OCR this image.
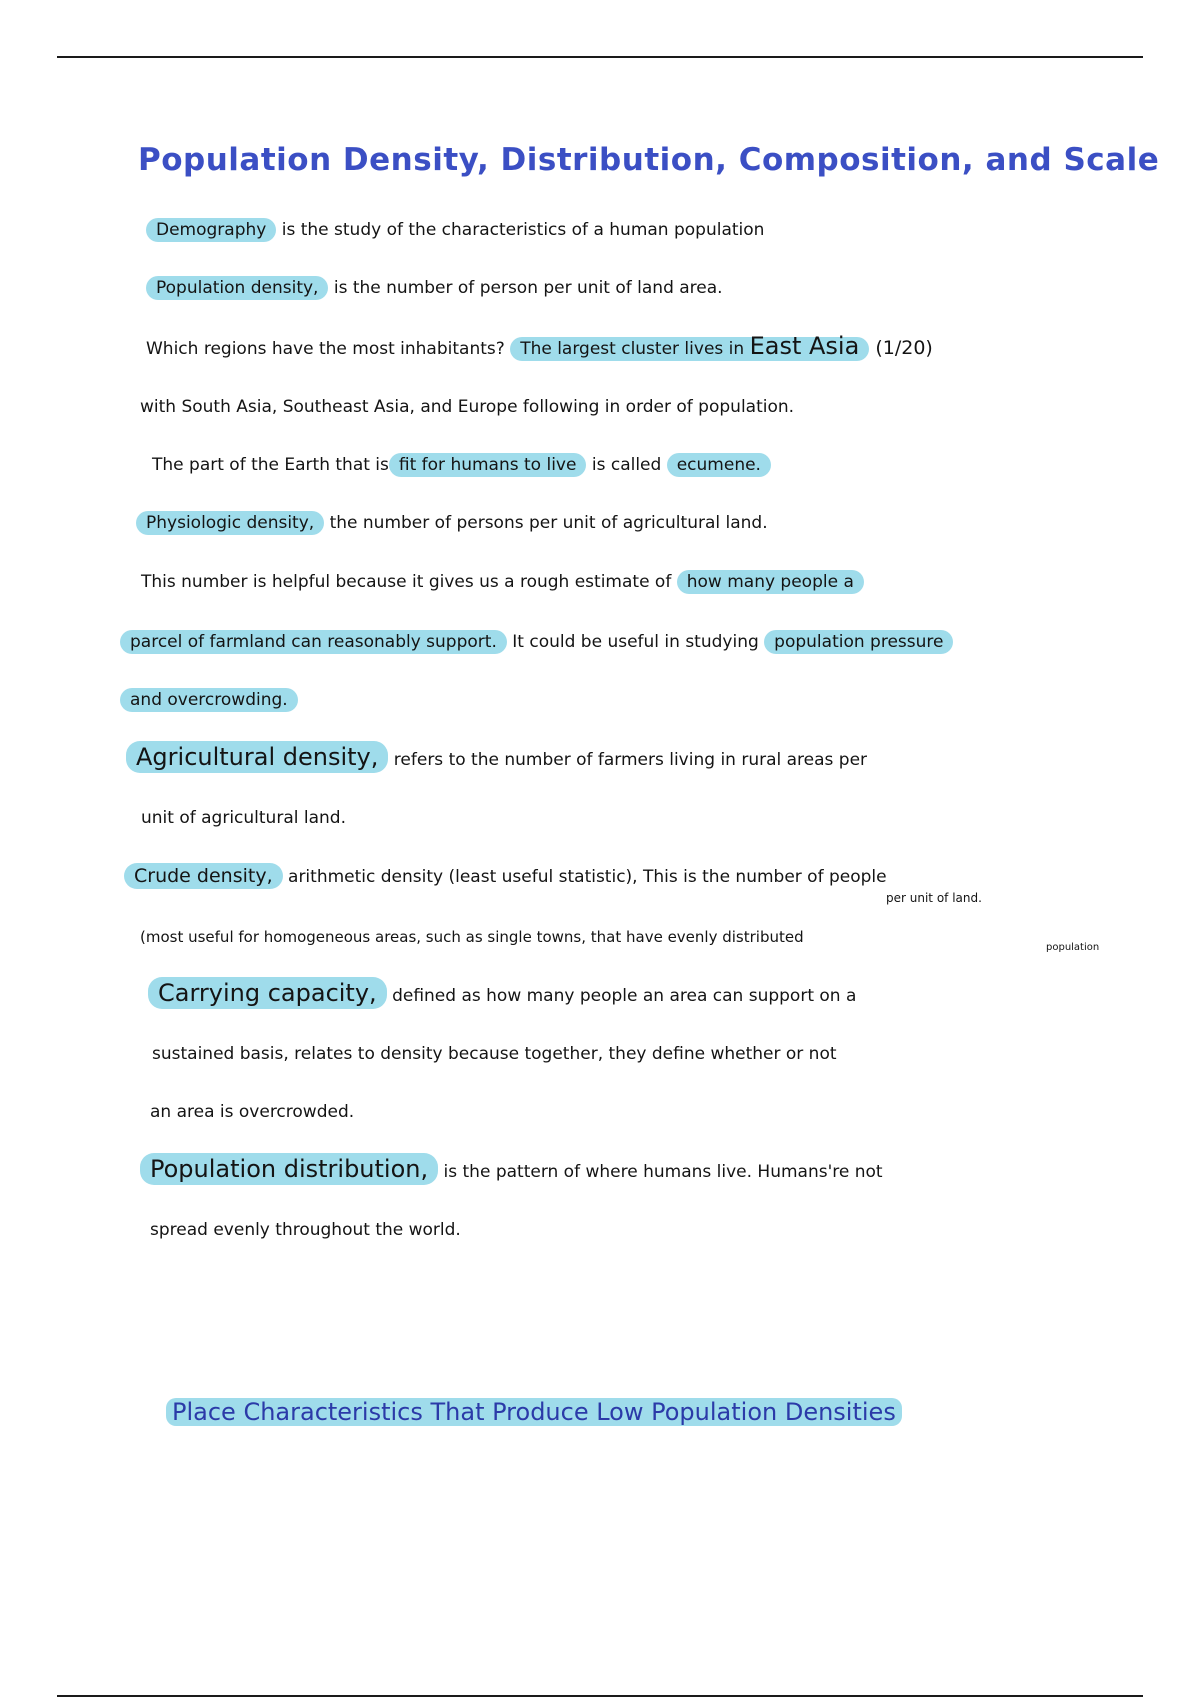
Population Density, Distribution, Composition, and Scale
Demography is the study of the characteristics of a human population
Population density, is the number of person per unit of land area.
Which regions have the most inhabitants? The largest cluster lives in East Asia (1/20)
with South Asia, Southeast Asia, and Europe following in order of population.
The part of the Earth that is fit for humans to live is called ecumene.
Physiologic density, the number of persons per unit of agricultural land.
This number is helpful because it gives us a rough estimate of how many people a
parcel of farmland can reasonably support. It could be useful in studying population pressure
and overcrowding.
Agricultural density, refers to the number of farmers living in rural areas per
unit of agricultural land.
Crude density, arithmetic density (least useful statistic), This is the number of people
per unit of land.
(most useful for homogeneous areas, such as single towns, that have evenly distributed
population
Carrying capacity, defined as how many people an area can support on a
sustained basis, relates to density because together, they define whether or not
an area is overcrowded.
Population distribution, is the pattern of where humans live. Humans're not
spread evenly throughout the world.
Place Characteristics That Produce Low Population Densities
